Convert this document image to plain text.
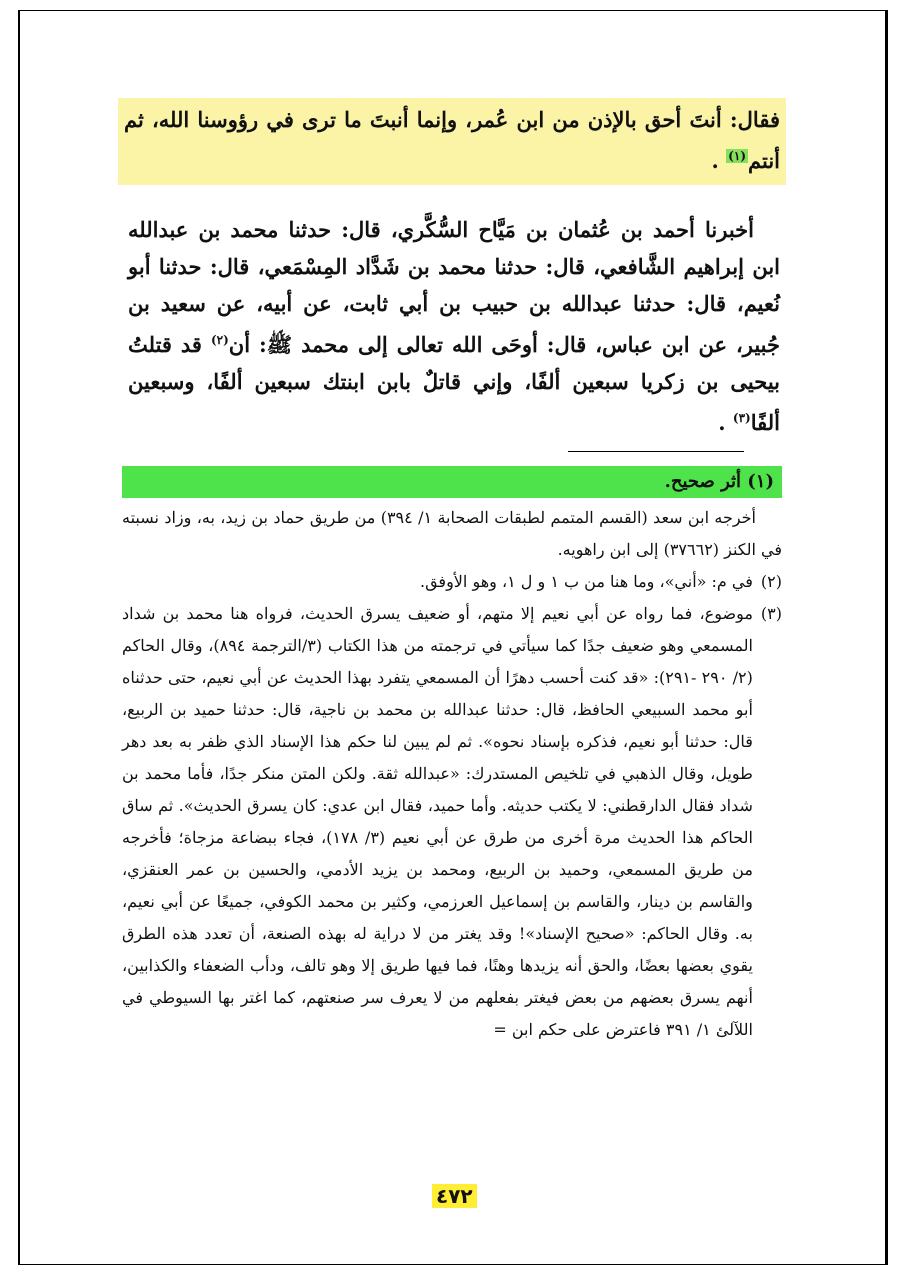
فقال: أنتَ أحق بالإذن من ابن عُمر، وإنما أنبتَ ما ترى في رؤوسنا الله، ثم أنتم$^{(١)}$ .
أخبرنا أحمد بن عُثمان بن مَيَّاح السُّكَّري، قال: حدثنا محمد بن عبدالله ابن إبراهيم الشَّافعي، قال: حدثنا محمد بن شَدَّاد المِسْمَعي، قال: حدثنا أبو نُعيم، قال: حدثنا عبدالله بن حبيب بن أبي ثابت، عن أبيه، عن سعيد بن جُبير، عن ابن عباس، قال: أوحَى الله تعالى إلى محمد ﷺ: أن$^{(٢)}$ قد قتلتُ بيحيى بن زكريا سبعين ألفًا، وإني قاتلٌ بابن ابنتك سبعين ألفًا، وسبعين ألفًا$^{(٣)}$ .
(١) أثر صحيح.
أخرجه ابن سعد (القسم المتمم لطبقات الصحابة ١/ ٣٩٤) من طريق حماد بن زيد، به، وزاد نسبته في الكنز (٣٧٦٦٢) إلى ابن راهويه.
(٢)
في م: «أني»، وما هنا من ب ١ و ل ١، وهو الأوفق.
(٣)
موضوع، فما رواه عن أبي نعيم إلا متهم، أو ضعيف يسرق الحديث، فرواه هنا محمد بن شداد المسمعي وهو ضعيف جدًا كما سيأتي في ترجمته من هذا الكتاب (٣/الترجمة ٨٩٤)، وقال الحاكم (٢/ ٢٩٠ -٢٩١): «قد كنت أحسب دهرًا أن المسمعي يتفرد بهذا الحديث عن أبي نعيم، حتى حدثناه أبو محمد السبيعي الحافظ، قال: حدثنا عبدالله بن محمد بن ناجية، قال: حدثنا حميد بن الربيع، قال: حدثنا أبو نعيم، فذكره بإسناد نحوه». ثم لم يبين لنا حكم هذا الإسناد الذي ظفر به بعد دهر طويل، وقال الذهبي في تلخيص المستدرك: «عبدالله ثقة. ولكن المتن منكر جدًا، فأما محمد بن شداد فقال الدارقطني: لا يكتب حديثه. وأما حميد، فقال ابن عدي: كان يسرق الحديث». ثم ساق الحاكم هذا الحديث مرة أخرى من طرق عن أبي نعيم (٣/ ١٧٨)، فجاء ببضاعة مزجاة؛ فأخرجه من طريق المسمعي، وحميد بن الربيع، ومحمد بن يزيد الأدمي، والحسين بن عمر العنقزي، والقاسم بن دينار، والقاسم بن إسماعيل العرزمي، وكثير بن محمد الكوفي، جميعًا عن أبي نعيم، به. وقال الحاكم: «صحيح الإسناد»! وقد يغتر من لا دراية له بهذه الصنعة، أن تعدد هذه الطرق يقوي بعضها بعضًا، والحق أنه يزيدها وهنًا، فما فيها طريق إلا وهو تالف، ودأب الضعفاء والكذابين، أنهم يسرق بعضهم من بعض فيغتر بفعلهم من لا يعرف سر صنعتهم، كما اغتر بها السيوطي في اللآلئ ١/ ٣٩١ فاعترض على حكم ابن =
٤٧٢
